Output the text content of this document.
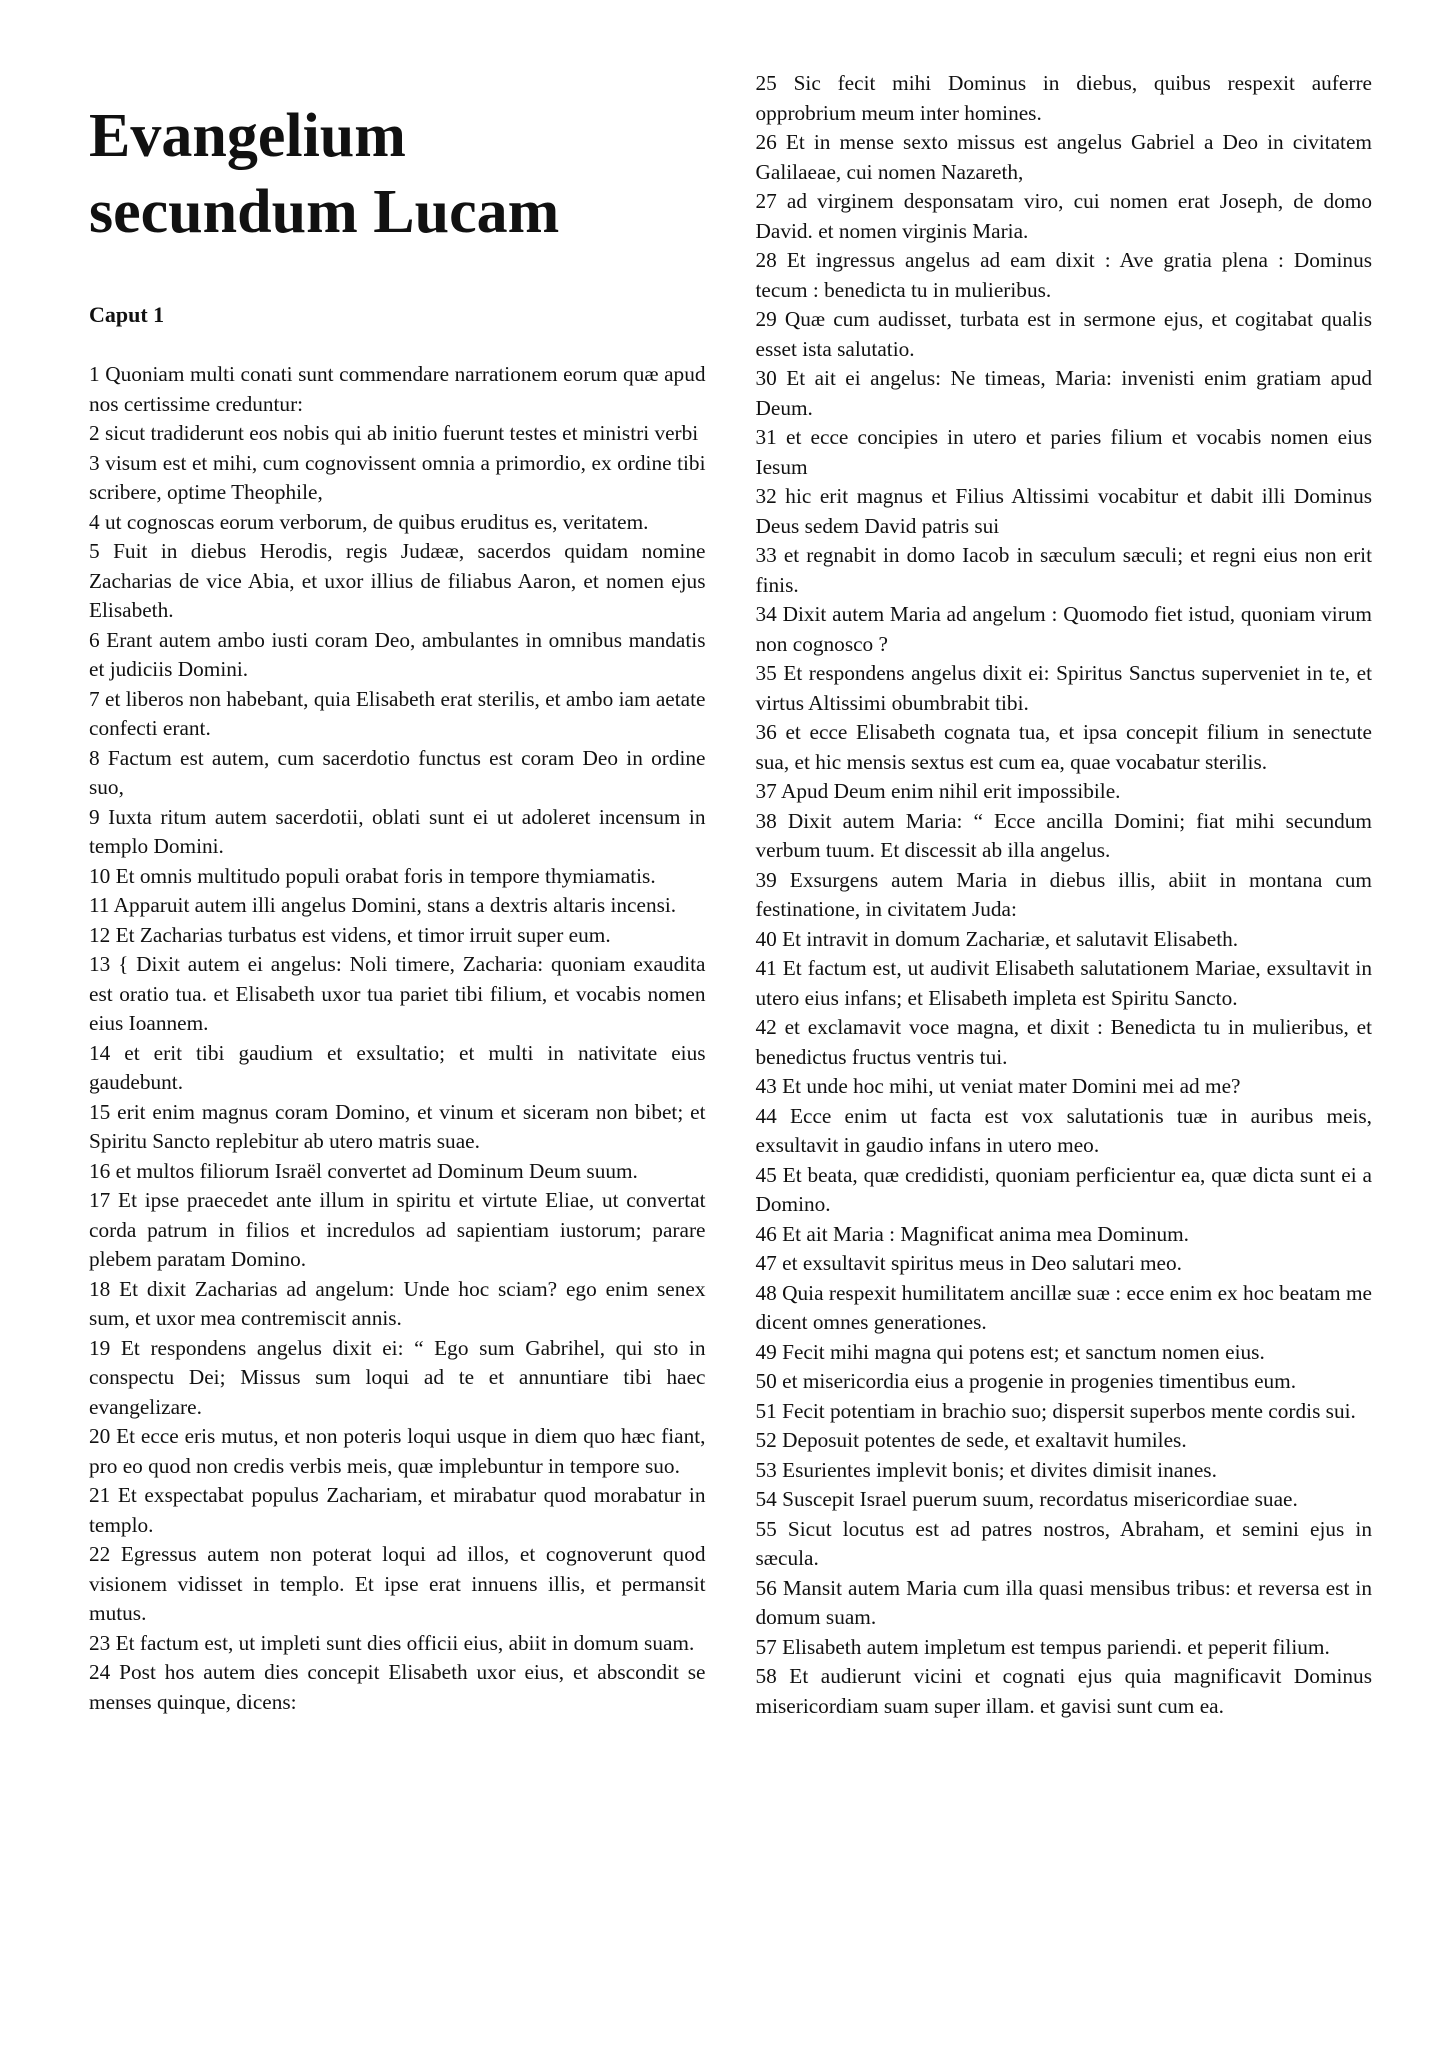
Evangelium
secundum Lucam
Caput 1

1 Quoniam multi conati sunt commendare narrationem eorum quæ apud nos certissime creduntur:

2 sicut tradiderunt eos nobis qui ab initio fuerunt testes et ministri verbi

3 visum est et mihi, cum cognovissent omnia a primordio, ex ordine tibi scribere, optime Theophile,

4 ut cognoscas eorum verborum, de quibus eruditus es, veritatem.

5 Fuit in diebus Herodis, regis Judææ, sacerdos quidam nomine Zacharias de vice Abia, et uxor illius de filiabus Aaron, et nomen ejus Elisabeth.

6 Erant autem ambo iusti coram Deo, ambulantes in omnibus mandatis et judiciis Domini.

7 et liberos non habebant, quia Elisabeth erat sterilis, et ambo iam aetate confecti erant.

8 Factum est autem, cum sacerdotio functus est coram Deo in ordine suo,

9 Iuxta ritum autem sacerdotii, oblati sunt ei ut adoleret incensum in templo Domini.

10 Et omnis multitudo populi orabat foris in tempore thymiamatis.

11 Apparuit autem illi angelus Domini, stans a dextris altaris incensi.

12 Et Zacharias turbatus est videns, et timor irruit super eum.

13 { Dixit autem ei angelus: Noli timere, Zacharia: quoniam exaudita est oratio tua. et Elisabeth uxor tua pariet tibi filium, et vocabis nomen eius Ioannem.

14 et erit tibi gaudium et exsultatio; et multi in nativitate eius gaudebunt.

15 erit enim magnus coram Domino, et vinum et siceram non bibet; et Spiritu Sancto replebitur ab utero matris suae.

16 et multos filiorum Israël convertet ad Dominum Deum suum.

17 Et ipse praecedet ante illum in spiritu et virtute Eliae, ut convertat corda patrum in filios et incredulos ad sapientiam iustorum; parare plebem paratam Domino.

18 Et dixit Zacharias ad angelum: Unde hoc sciam? ego enim senex sum, et uxor mea contremiscit annis.

19 Et respondens angelus dixit ei: “ Ego sum Gabrihel, qui sto in conspectu Dei; Missus sum loqui ad te et annuntiare tibi haec evangelizare.

20 Et ecce eris mutus, et non poteris loqui usque in diem quo hæc fiant, pro eo quod non credis verbis meis, quæ implebuntur in tempore suo.

21 Et exspectabat populus Zachariam, et mirabatur quod morabatur in templo.

22 Egressus autem non poterat loqui ad illos, et cognoverunt quod visionem vidisset in templo. Et ipse erat innuens illis, et permansit mutus.

23 Et factum est, ut impleti sunt dies officii eius, abiit in domum suam.

24 Post hos autem dies concepit Elisabeth uxor eius, et abscondit se menses quinque, dicens:

25 Sic fecit mihi Dominus in diebus, quibus respexit auferre opprobrium meum inter homines.

26 Et in mense sexto missus est angelus Gabriel a Deo in civitatem Galilaeae, cui nomen Nazareth,

27 ad virginem desponsatam viro, cui nomen erat Joseph, de domo David. et nomen virginis Maria.

28 Et ingressus angelus ad eam dixit : Ave gratia plena : Dominus tecum : benedicta tu in mulieribus.

29 Quæ cum audisset, turbata est in sermone ejus, et cogitabat qualis esset ista salutatio.

30 Et ait ei angelus: Ne timeas, Maria: invenisti enim gratiam apud Deum.

31 et ecce concipies in utero et paries filium et vocabis nomen eius Iesum

32 hic erit magnus et Filius Altissimi vocabitur et dabit illi Dominus Deus sedem David patris sui

33 et regnabit in domo Iacob in sæculum sæculi; et regni eius non erit finis.

34 Dixit autem Maria ad angelum : Quomodo fiet istud, quoniam virum non cognosco ?

35 Et respondens angelus dixit ei: Spiritus Sanctus superveniet in te, et virtus Altissimi obumbrabit tibi.

36 et ecce Elisabeth cognata tua, et ipsa concepit filium in senectute sua, et hic mensis sextus est cum ea, quae vocabatur sterilis.

37 Apud Deum enim nihil erit impossibile.

38 Dixit autem Maria: “ Ecce ancilla Domini; fiat mihi secundum verbum tuum. Et discessit ab illa angelus.

39 Exsurgens autem Maria in diebus illis, abiit in montana cum festinatione, in civitatem Juda:

40 Et intravit in domum Zachariæ, et salutavit Elisabeth.

41 Et factum est, ut audivit Elisabeth salutationem Mariae, exsultavit in utero eius infans; et Elisabeth impleta est Spiritu Sancto.

42 et exclamavit voce magna, et dixit : Benedicta tu in mulieribus, et benedictus fructus ventris tui.

43 Et unde hoc mihi, ut veniat mater Domini mei ad me?

44 Ecce enim ut facta est vox salutationis tuæ in auribus meis, exsultavit in gaudio infans in utero meo.

45 Et beata, quæ credidisti, quoniam perficientur ea, quæ dicta sunt ei a Domino.

46 Et ait Maria : Magnificat anima mea Dominum.

47 et exsultavit spiritus meus in Deo salutari meo.

48 Quia respexit humilitatem ancillæ suæ : ecce enim ex hoc beatam me dicent omnes generationes.

49 Fecit mihi magna qui potens est; et sanctum nomen eius.

50 et misericordia eius a progenie in progenies timentibus eum.

51 Fecit potentiam in brachio suo; dispersit superbos mente cordis sui.

52 Deposuit potentes de sede, et exaltavit humiles.

53 Esurientes implevit bonis; et divites dimisit inanes.

54 Suscepit Israel puerum suum, recordatus misericordiae suae.

55 Sicut locutus est ad patres nostros, Abraham, et semini ejus in sæcula.

56 Mansit autem Maria cum illa quasi mensibus tribus: et reversa est in domum suam.

57 Elisabeth autem impletum est tempus pariendi. et peperit filium.

58 Et audierunt vicini et cognati ejus quia magnificavit Dominus misericordiam suam super illam. et gavisi sunt cum ea.
